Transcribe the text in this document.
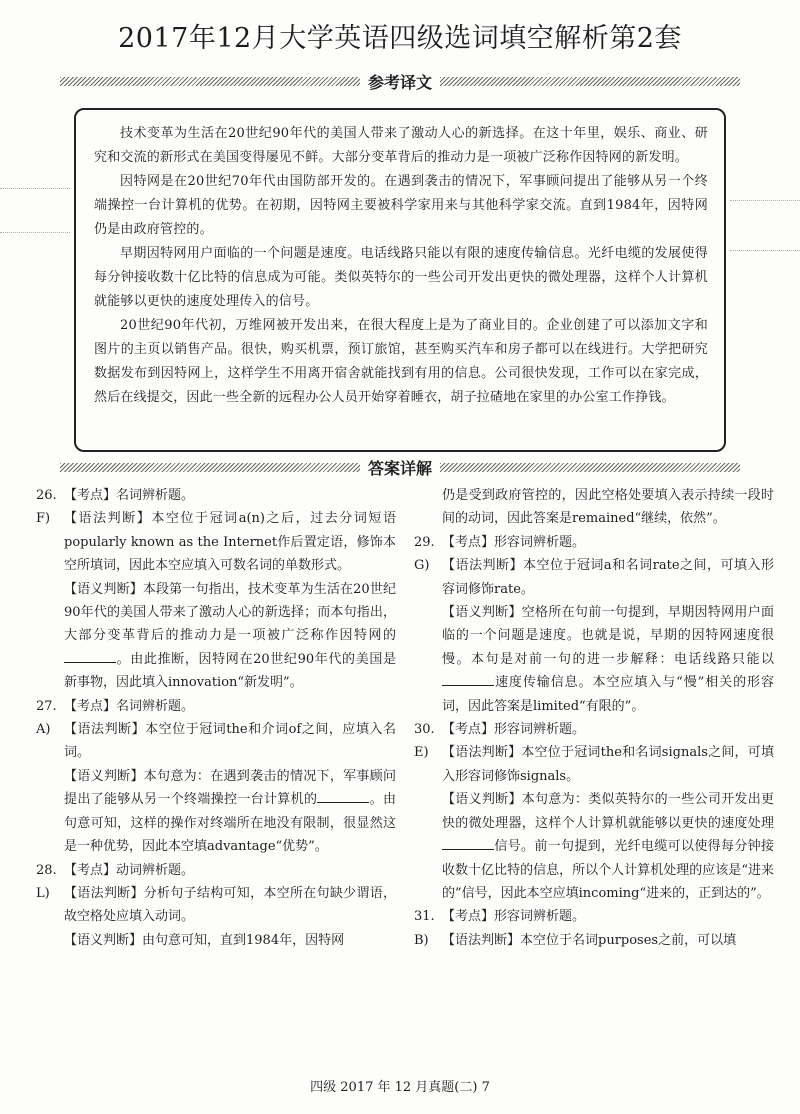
2017年12月大学英语四级选词填空解析第2套
参考译文

技术变革为生活在20世纪90年代的美国人带来了激动人心的新选择。在这十年里，娱乐、商业、研究和交流的新形式在美国变得屡见不鲜。大部分变革背后的推动力是一项被广泛称作因特网的新发明。

因特网是在20世纪70年代由国防部开发的。在遇到袭击的情况下，军事顾问提出了能够从另一个终端操控一台计算机的优势。在初期，因特网主要被科学家用来与其他科学家交流。直到1984年，因特网仍是由政府管控的。

早期因特网用户面临的一个问题是速度。电话线路只能以有限的速度传输信息。光纤电缆的发展使得每分钟接收数十亿比特的信息成为可能。类似英特尔的一些公司开发出更快的微处理器，这样个人计算机就能够以更快的速度处理传入的信号。

20世纪90年代初，万维网被开发出来，在很大程度上是为了商业目的。企业创建了可以添加文字和图片的主页以销售产品。很快，购买机票，预订旅馆，甚至购买汽车和房子都可以在线进行。大学把研究数据发布到因特网上，这样学生不用离开宿舍就能找到有用的信息。公司很快发现，工作可以在家完成，然后在线提交，因此一些全新的远程办公人员开始穿着睡衣，胡子拉碴地在家里的办公室工作挣钱。

答案详解
26. 【考点】名词辨析题。
F)	【语法判断】本空位于冠词a(n)之后，过去分词短语popularly known as the Internet作后置定语，修饰本空所填词，因此本空应填入可数名词的单数形式。
【语义判断】本段第一句指出，技术变革为生活在20世纪90年代的美国人带来了激动人心的新选择；而本句指出，大部分变革背后的推动力是一项被广泛称作因特网的。由此推断，因特网在20世纪90年代的美国是新事物，因此填入innovation“新发明”。
27. 【考点】名词辨析题。
A)	【语法判断】本空位于冠词the和介词of之间，应填入名词。
【语义判断】本句意为：在遇到袭击的情况下，军事顾问提出了能够从另一个终端操控一台计算机的	。由句意可知，这样的操作对终端所在地没有限制，很显然这是一种优势，因此本空填advantage“优势”。
28. 【考点】动词辨析题。
L)	【语法判断】分析句子结构可知，本空所在句缺少谓语，故空格处应填入动词。
【语义判断】由句意可知，直到1984年，因特网
仍是受到政府管控的，因此空格处要填入表示持续一段时间的动词，因此答案是remained“继续，依然”。
29. 【考点】形容词辨析题。
G) 【语法判断】本空位于冠词a和名词rate之间，可填入形容词修饰rate。
【语义判断】空格所在句前一句提到，早期因特网用户面临的一个问题是速度。也就是说，早期的因特网速度很慢。本句是对前一句的进一步解释：电话线路只能以速度传输信息。本空应填入与“慢”相关的形容词，因此答案是limited“有限的”。
30. 【考点】形容词辨析题。
E)	【语法判断】本空位于冠词the和名词signals之间，可填入形容词修饰signals。
【语义判断】本句意为：类似英特尔的一些公司开发出更快的微处理器，这样个人计算机就能够以更快的速度处理信号。前一句提到，光纤电缆可以使得每分钟接收数十亿比特的信息，所以个人计算机处理的应该是“进来的”信号，因此本空应填incoming“进来的，正到达的”。
31. 【考点】形容词辨析题。
B)	【语法判断】本空位于名词purposes之前，可以填
四级 2017 年 12 月真题(二) 7
